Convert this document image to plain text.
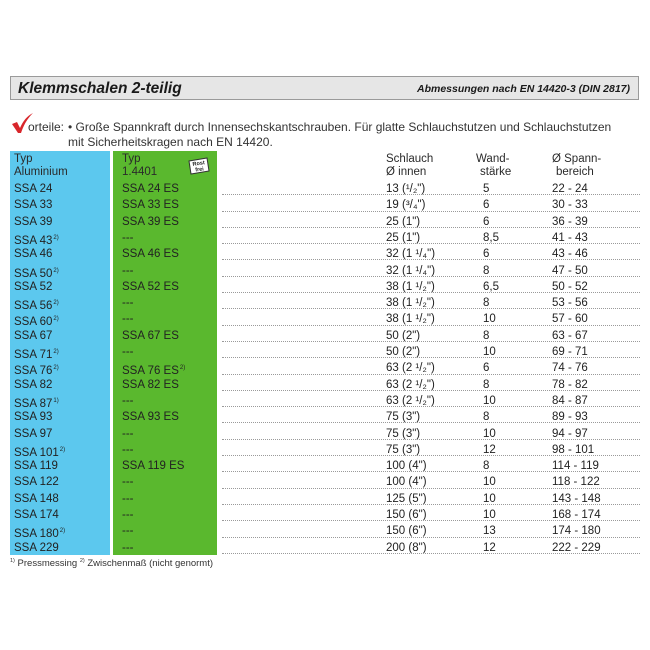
Klemmschalen 2-teilig	Abmessungen nach EN 14420-3 (DIN 2817)
orteile: • Große Spannkraft durch Innensechskantschrauben. Für glatte Schlauchstutzen und Schlauchstutzen mit Sicherheitskragen nach EN 14420.
Rost
frei
Typ
Aluminium
Typ
1.4401
Schlauch
Ø innen
Wand-
stärke
Ø Spann-
bereich
SSA 24	SSA 24 ES	13 (¹/₂")	5	22 - 24
SSA 33	SSA 33 ES	19 (³/₄")	6	30 - 33
SSA 39	SSA 39 ES	25 (1")	6	36 - 39
SSA 43$^{2)}$	---	25 (1")	8,5	41 - 43
SSA 46	SSA 46 ES	32 (1 ¹/₄")	6	43 - 46
SSA 50$^{2)}$	---	32 (1 ¹/₄")	8	47 - 50
SSA 52	SSA 52 ES	38 (1 ¹/₂")	6,5	50 - 52
SSA 56$^{2)}$	---	38 (1 ¹/₂")	8	53 - 56
SSA 60$^{2)}$	---	38 (1 ¹/₂")	10	57 - 60
SSA 67	SSA 67 ES	50 (2")	8	63 - 67
SSA 71$^{2)}$	---	50 (2")	10	69 - 71
SSA 76$^{2)}$	SSA 76 ES$^{2)}$	63 (2 ¹/₂")	6	74 - 76
SSA 82	SSA 82 ES	63 (2 ¹/₂")	8	78 - 82
SSA 87$^{1)}$	---	63 (2 ¹/₂")	10	84 - 87
SSA 93	SSA 93 ES	75 (3")	8	89 - 93
SSA 97	---	75 (3")	10	94 - 97
SSA 101$^{2)}$	---	75 (3")	12	98 - 101
SSA 119	SSA 119 ES	100 (4")	8	114 - 119
SSA 122	---	100 (4")	10	118 - 122
SSA 148	---	125 (5")	10	143 - 148
SSA 174	---	150 (6")	10	168 - 174
SSA 180$^{2)}$	---	150 (6")	13	174 - 180
SSA 229	---	200 (8")	12	222 - 229
$^{1)}$ Pressmessing $^{2)}$ Zwischenmaß (nicht genormt)
